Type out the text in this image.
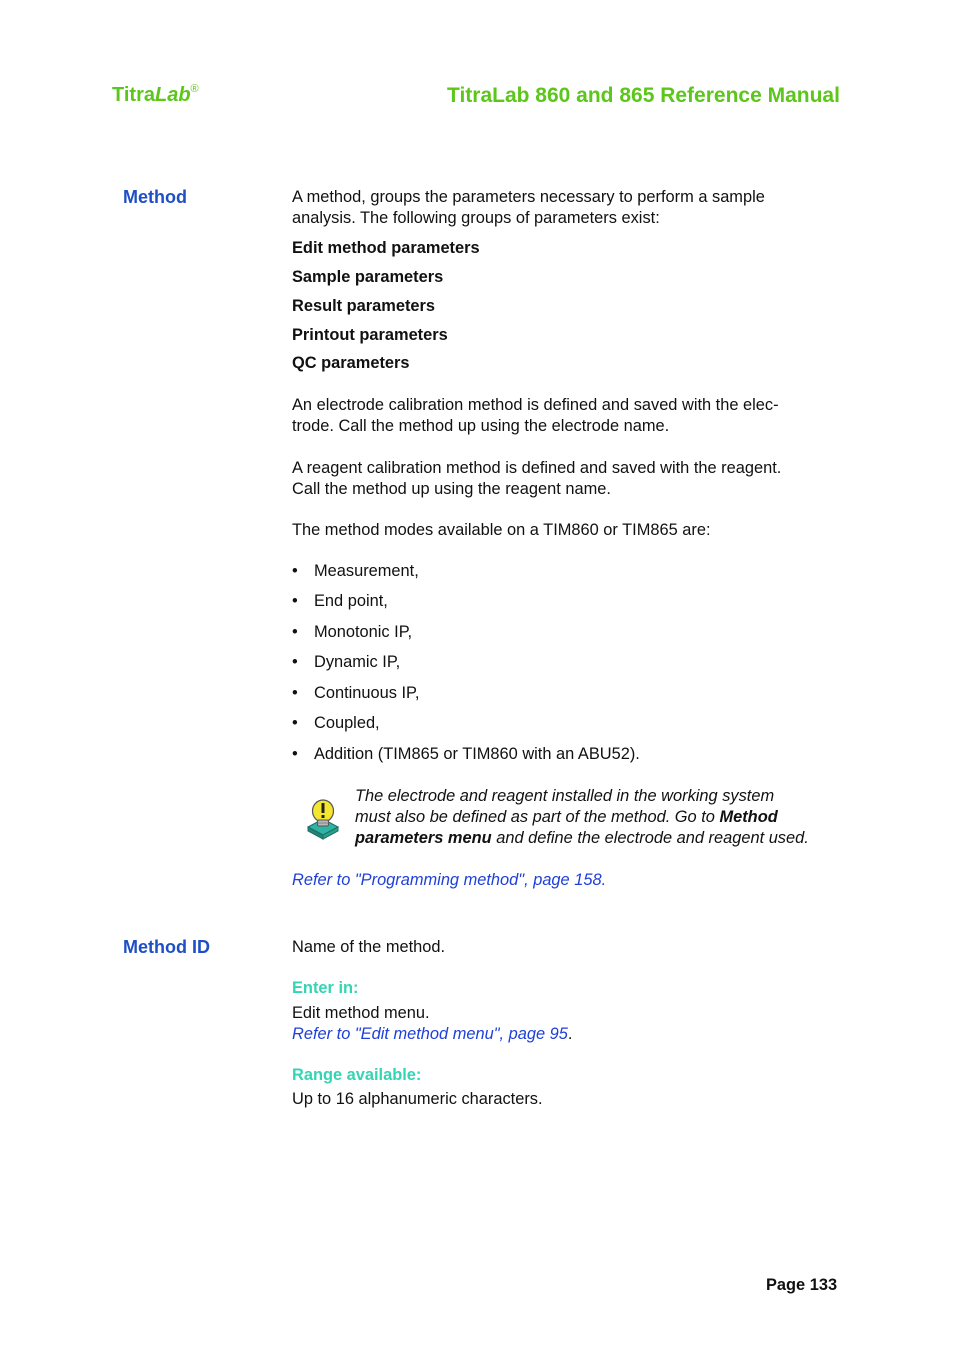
TitraLab®	TitraLab 860 and 865 Reference Manual
Method	A method, groups the parameters necessary to perform a sample
analysis. The following groups of parameters exist:
Edit method parameters
Sample parameters
Result parameters
Printout parameters
QC parameters
An electrode calibration method is defined and saved with the elec-
trode. Call the method up using the electrode name.
A reagent calibration method is defined and saved with the reagent.
Call the method up using the reagent name.
The method modes available on a TIM860 or TIM865 are:
• Measurement,
• End point,
• Monotonic IP,
• Dynamic IP,
• Continuous IP,
• Coupled,
• Addition (TIM865 or TIM860 with an ABU52).
The electrode and reagent installed in the working system
must also be defined as part of the method. Go to Method
parameters menu and define the electrode and reagent used.
Refer to "Programming method", page 158.
Method ID	Name of the method.
Enter in:
Edit method menu.
Refer to "Edit method menu", page 95.
Range available:
Up to 16 alphanumeric characters.
Page 133
